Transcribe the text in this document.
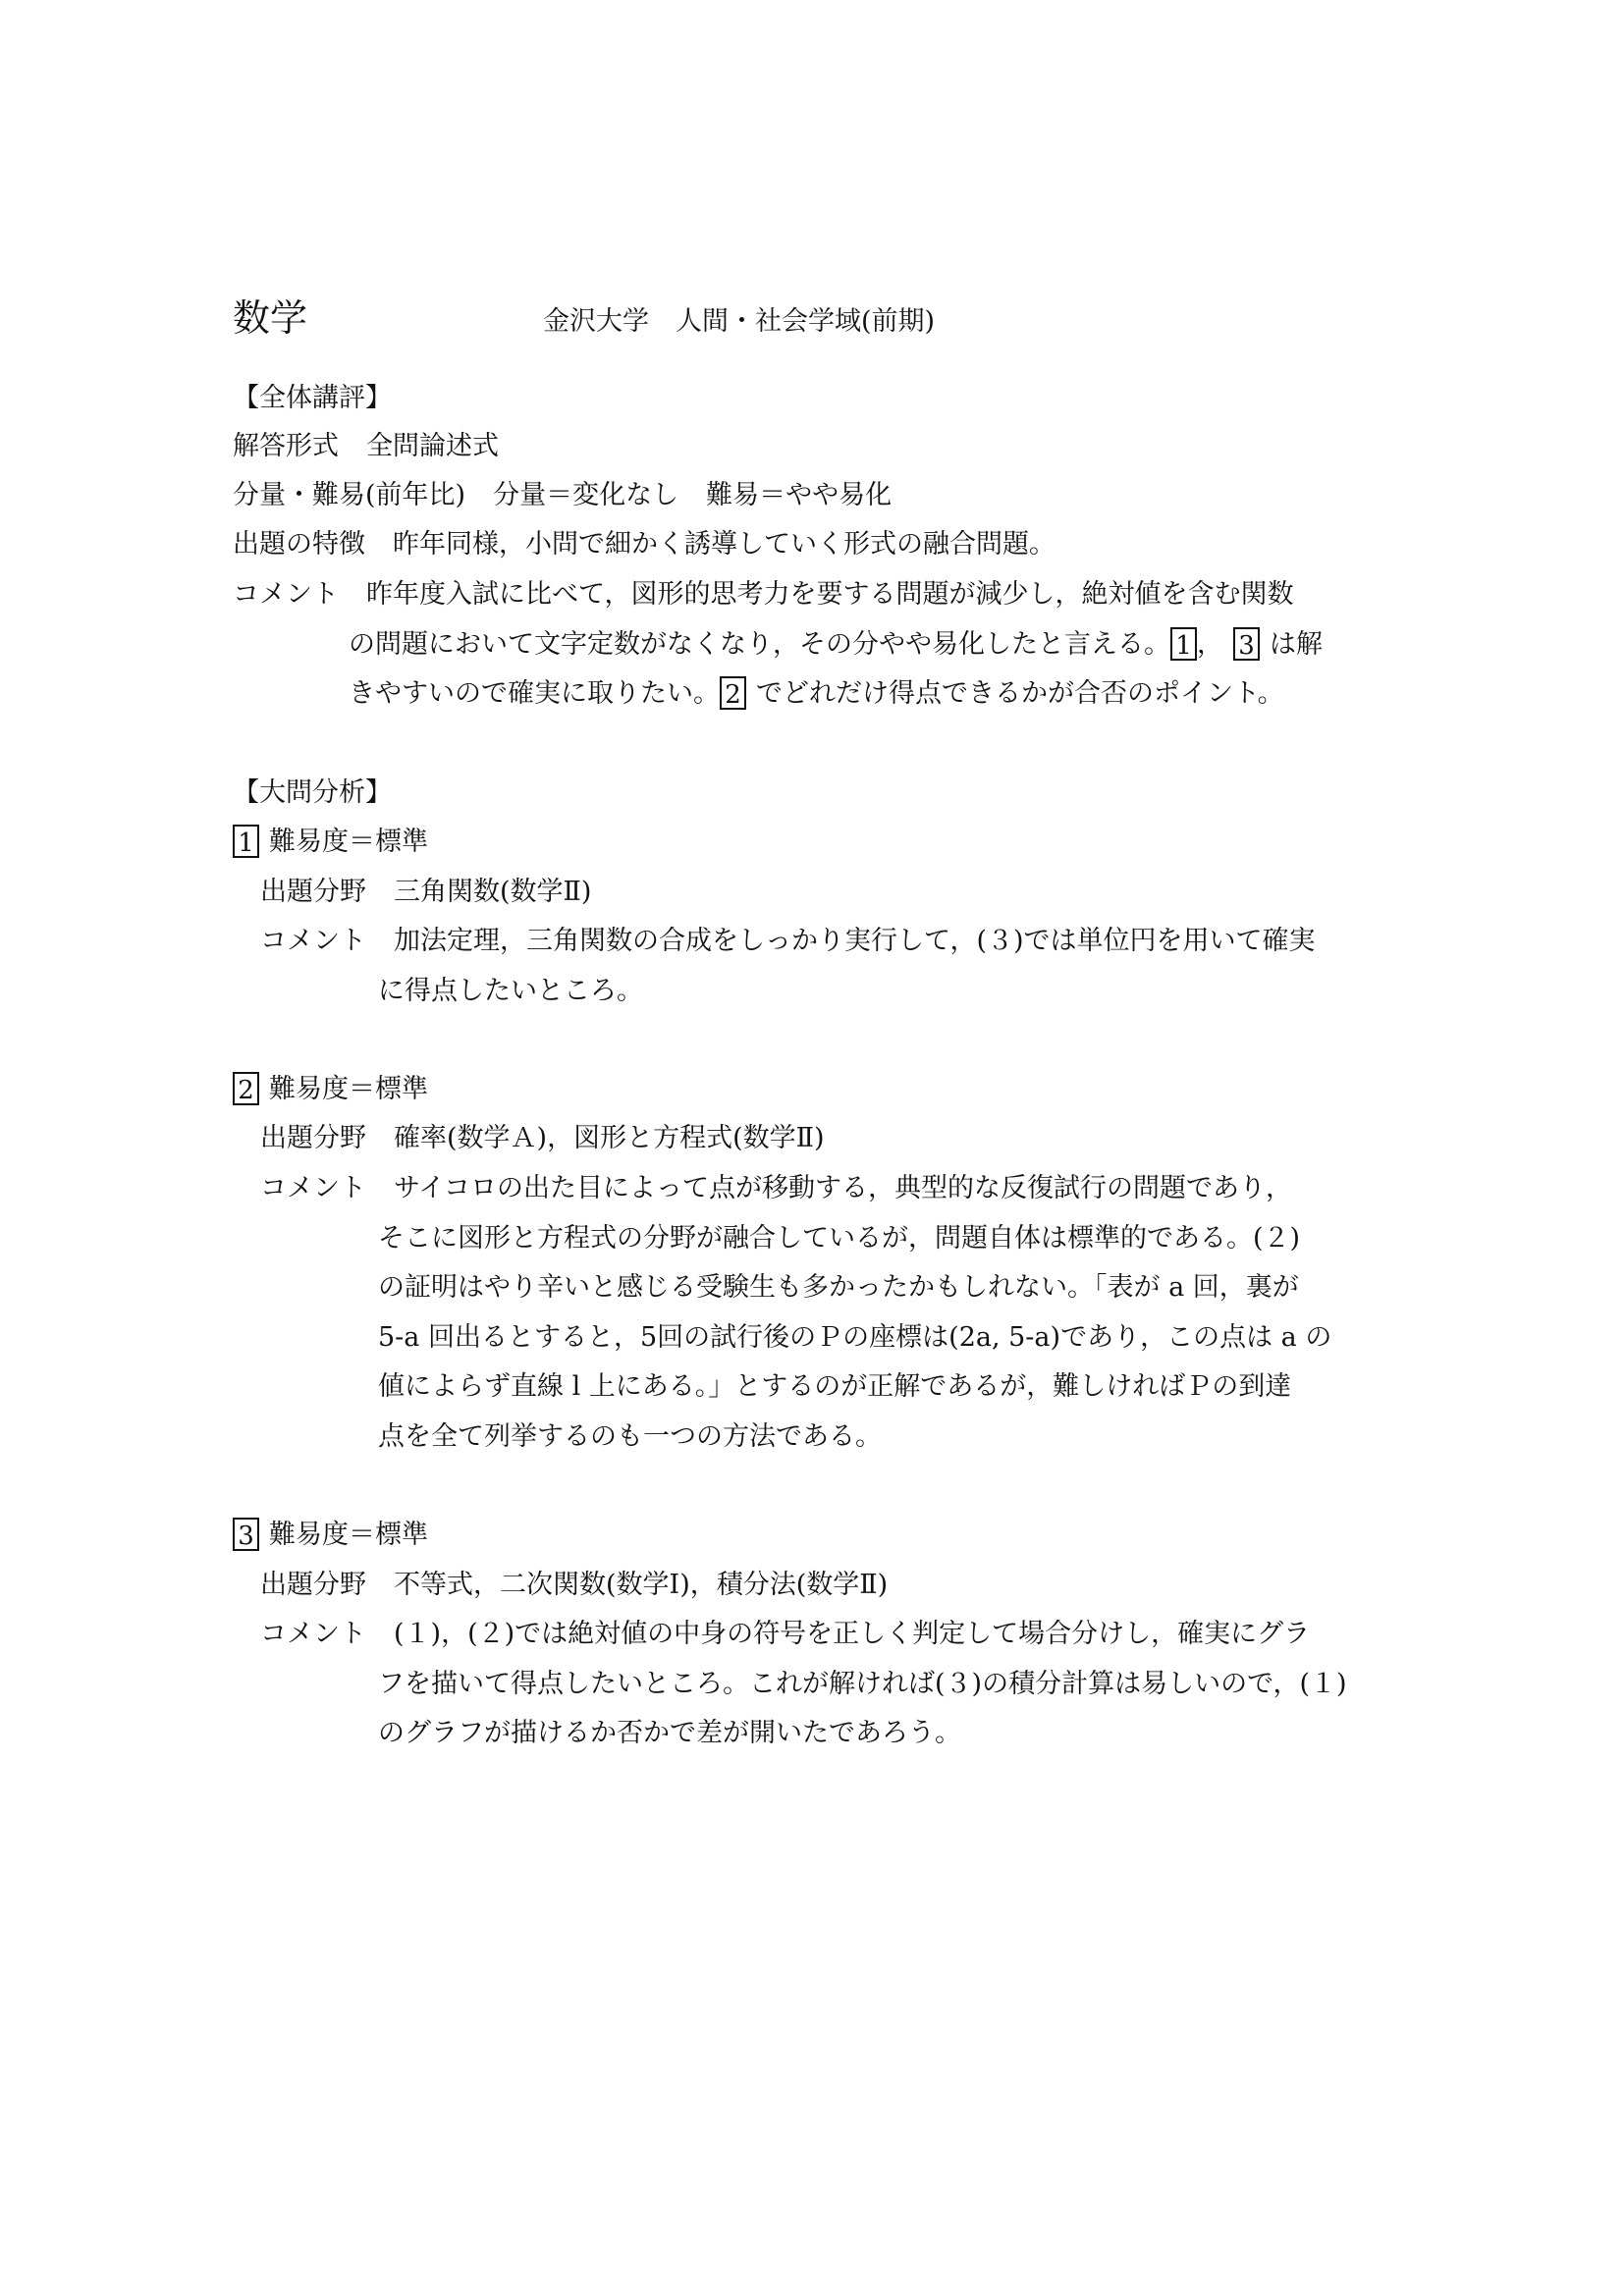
数学	金沢大学　人間・社会学域(前期)
【全体講評】
解答形式 全問論述式
分量・難易(前年比) 分量＝変化なし 難易＝やや易化
出題の特徴 昨年同様，小問で細かく誘導していく形式の融合問題。
コメント 昨年度入試に比べて，図形的思考力を要する問題が減少し，絶対値を含む関数
の問題において文字定数がなくなり，その分やや易化したと言える。 1 ， 3 は解
きやすいので確実に取りたい。 2 でどれだけ得点できるかが合否のポイント。
【大問分析】
1 難易度＝標準
出題分野 三角関数(数学Ⅱ)
コメント 加法定理，三角関数の合成をしっかり実行して，(３)では単位円を用いて確実
に得点したいところ。
2 難易度＝標準
出題分野 確率(数学Ａ)，図形と方程式(数学Ⅱ)
コメント サイコロの出た目によって点が移動する，典型的な反復試行の問題であり，
そこに図形と方程式の分野が融合しているが，問題自体は標準的である。(２)
の証明はやり辛いと感じる受験生も多かったかもしれない。「表が a 回，裏が
5-a 回出るとすると，5回の試行後のＰの座標は(2a, 5-a)であり，この点は a の
値によらず直線 l 上にある。」とするのが正解であるが，難しければＰの到達
点を全て列挙するのも一つの方法である。
3 難易度＝標準
出題分野 不等式，二次関数(数学Ⅰ)，積分法(数学Ⅱ)
コメント (１)，(２)では絶対値の中身の符号を正しく判定して場合分けし，確実にグラ
フを描いて得点したいところ。これが解ければ(３)の積分計算は易しいので，(１)
のグラフが描けるか否かで差が開いたであろう。
